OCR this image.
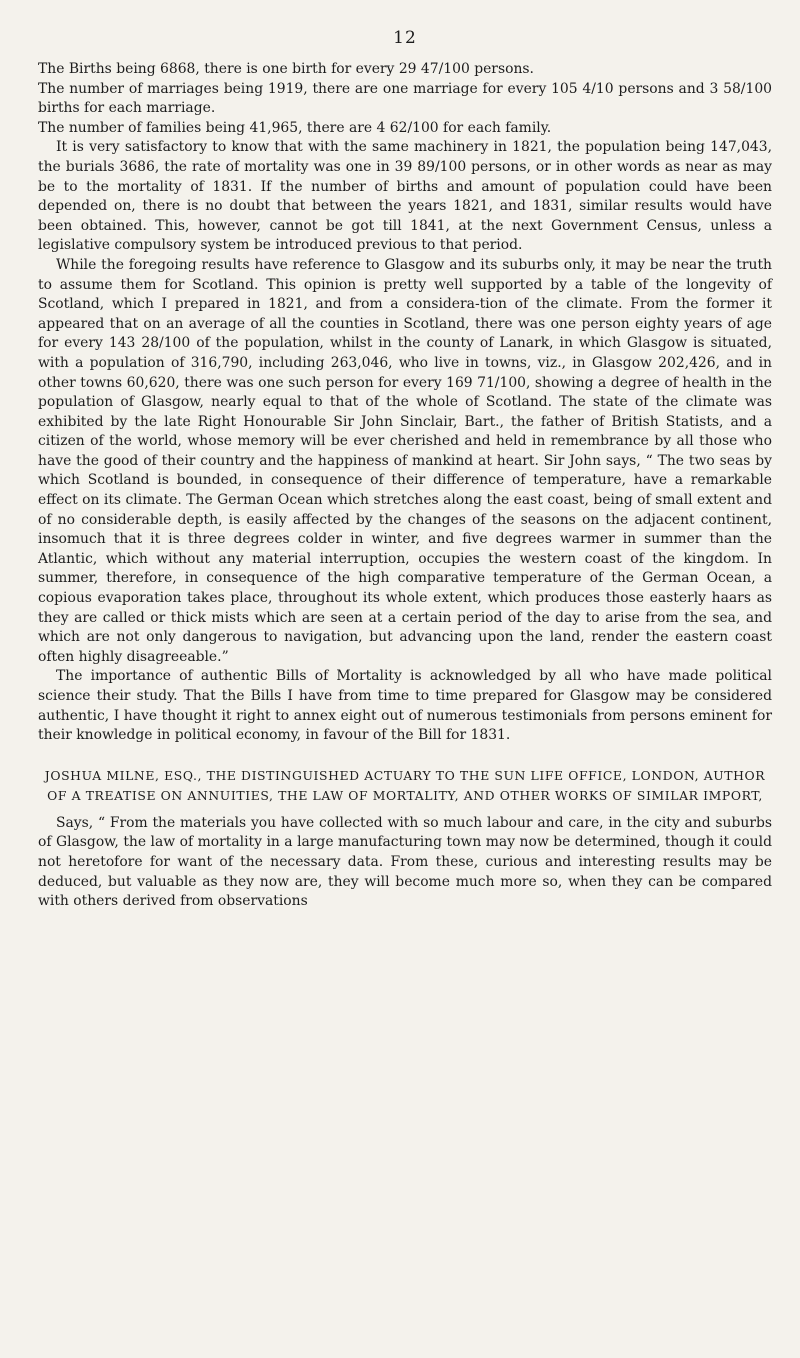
12

The Births being 6868, there is one birth for every 29 47/100 persons.

The number of marriages being 1919, there are one marriage for every 105 4/10 persons and 3 58/100 births for each marriage.

The number of families being 41,965, there are 4 62/100 for each family.

It is very satisfactory to know that with the same machinery in 1821, the population being 147,043, the burials 3686, the rate of mortality was one in 39 89/100 persons, or in other words as near as may be to the mortality of 1831. If the number of births and amount of population could have been depended on, there is no doubt that between the years 1821, and 1831, similar results would have been obtained. This, however, cannot be got till 1841, at the next Government Census, unless a legislative compulsory system be introduced previous to that period.

While the foregoing results have reference to Glasgow and its suburbs only, it may be near the truth to assume them for Scotland. This opinion is pretty well supported by a table of the longevity of Scotland, which I prepared in 1821, and from a considera-tion of the climate. From the former it appeared that on an average of all the counties in Scotland, there was one person eighty years of age for every 143 28/100 of the population, whilst in the county of Lanark, in which Glasgow is situated, with a population of 316,790, including 263,046, who live in towns, viz., in Glasgow 202,426, and in other towns 60,620, there was one such person for every 169 71/100, showing a degree of health in the population of Glasgow, nearly equal to that of the whole of Scotland. The state of the climate was exhibited by the late Right Honourable Sir John Sinclair, Bart., the father of British Statists, and a citizen of the world, whose memory will be ever cherished and held in remembrance by all those who have the good of their country and the happiness of mankind at heart. Sir John says, “ The two seas by which Scotland is bounded, in consequence of their difference of temperature, have a remarkable effect on its climate. The German Ocean which stretches along the east coast, being of small extent and of no considerable depth, is easily affected by the changes of the seasons on the adjacent continent, insomuch that it is three degrees colder in winter, and five degrees warmer in summer than the Atlantic, which without any material interruption, occupies the western coast of the kingdom. In summer, therefore, in consequence of the high comparative temperature of the German Ocean, a copious evaporation takes place, throughout its whole extent, which produces those easterly haars as they are called or thick mists which are seen at a certain period of the day to arise from the sea, and which are not only dangerous to navigation, but advancing upon the land, render the eastern coast often highly disagreeable.”

The importance of authentic Bills of Mortality is acknowledged by all who have made political science their study. That the Bills I have from time to time prepared for Glasgow may be considered authentic, I have thought it right to annex eight out of numerous testimonials from persons eminent for their knowledge in political economy, in favour of the Bill for 1831.

JOSHUA MILNE, ESQ., THE DISTINGUISHED ACTUARY TO THE SUN LIFE OFFICE, LONDON, AUTHOR OF A TREATISE ON ANNUITIES, THE LAW OF MORTALITY, AND OTHER WORKS OF SIMILAR IMPORT,

Says, “ From the materials you have collected with so much labour and care, in the city and suburbs of Glasgow, the law of mortality in a large manufacturing town may now be determined, though it could not heretofore for want of the necessary data. From these, curious and interesting results may be deduced, but valuable as they now are, they will become much more so, when they can be compared with others derived from observations
